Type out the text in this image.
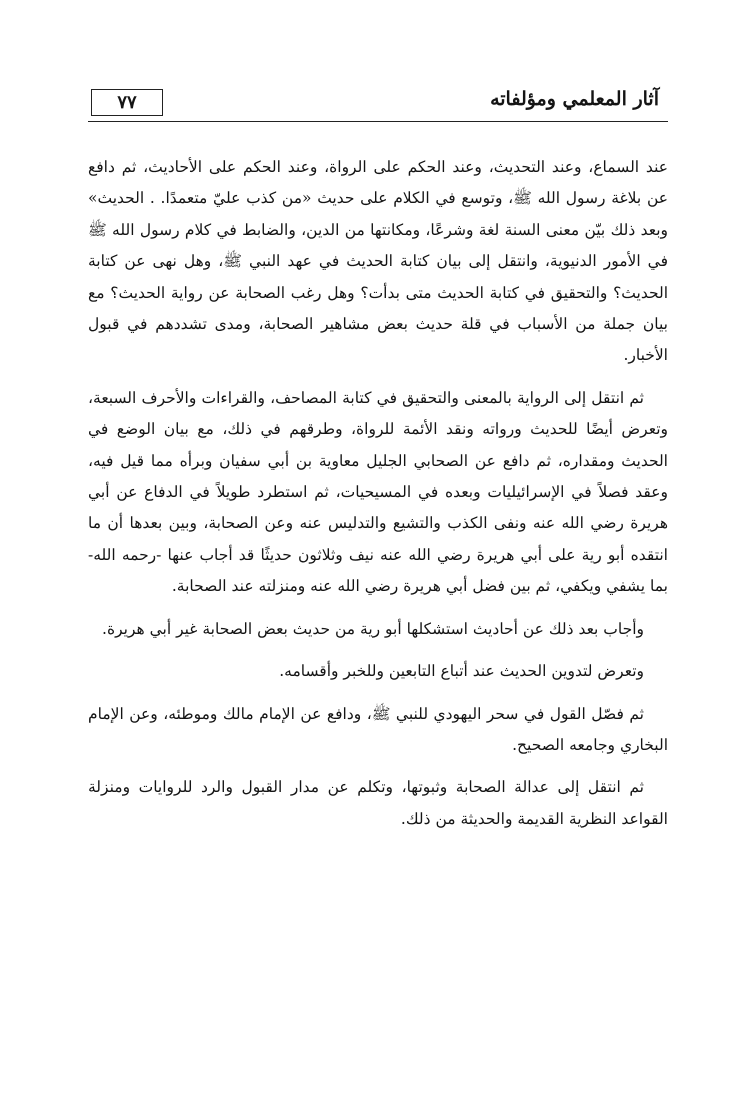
آثار المعلمي ومؤلفاته
٧٧

عند السماع، وعند التحديث، وعند الحكم على الرواة، وعند الحكم على الأحاديث، ثم دافع عن بلاغة رسول الله ﷺ، وتوسع في الكلام على حديث «من كذب عليّ متعمدًا. . الحديث» وبعد ذلك بيّن معنى السنة لغة وشرعًا، ومكانتها من الدين، والضابط في كلام رسول الله ﷺ في الأمور الدنيوية، وانتقل إلى بيان كتابة الحديث في عهد النبي ﷺ، وهل نهى عن كتابة الحديث؟ والتحقيق في كتابة الحديث متى بدأت؟ وهل رغب الصحابة عن رواية الحديث؟ مع بيان جملة من الأسباب في قلة حديث بعض مشاهير الصحابة، ومدى تشددهم في قبول الأخبار.

ثم انتقل إلى الرواية بالمعنى والتحقيق في كتابة المصاحف، والقراءات والأحرف السبعة، وتعرض أيضًا للحديث ورواته ونقد الأئمة للرواة، وطرقهم في ذلك، مع بيان الوضع في الحديث ومقداره، ثم دافع عن الصحابي الجليل معاوية بن أبي سفيان وبرأه مما قيل فيه، وعقد فصلاً في الإسرائيليات وبعده في المسيحيات، ثم استطرد طويلاً في الدفاع عن أبي هريرة رضي الله عنه ونفى الكذب والتشيع والتدليس عنه وعن الصحابة، وبين بعدها أن ما انتقده أبو رية على أبي هريرة رضي الله عنه نيف وثلاثون حديثًا قد أجاب عنها -رحمه الله- بما يشفي ويكفي، ثم بين فضل أبي هريرة رضي الله عنه ومنزلته عند الصحابة.

وأجاب بعد ذلك عن أحاديث استشكلها أبو رية من حديث بعض الصحابة غير أبي هريرة.

وتعرض لتدوين الحديث عند أتباع التابعين وللخبر وأقسامه.

ثم فصّل القول في سحر اليهودي للنبي ﷺ، ودافع عن الإمام مالك وموطئه، وعن الإمام البخاري وجامعه الصحيح.

ثم انتقل إلى عدالة الصحابة وثبوتها، وتكلم عن مدار القبول والرد للروايات ومنزلة القواعد النظرية القديمة والحديثة من ذلك.
